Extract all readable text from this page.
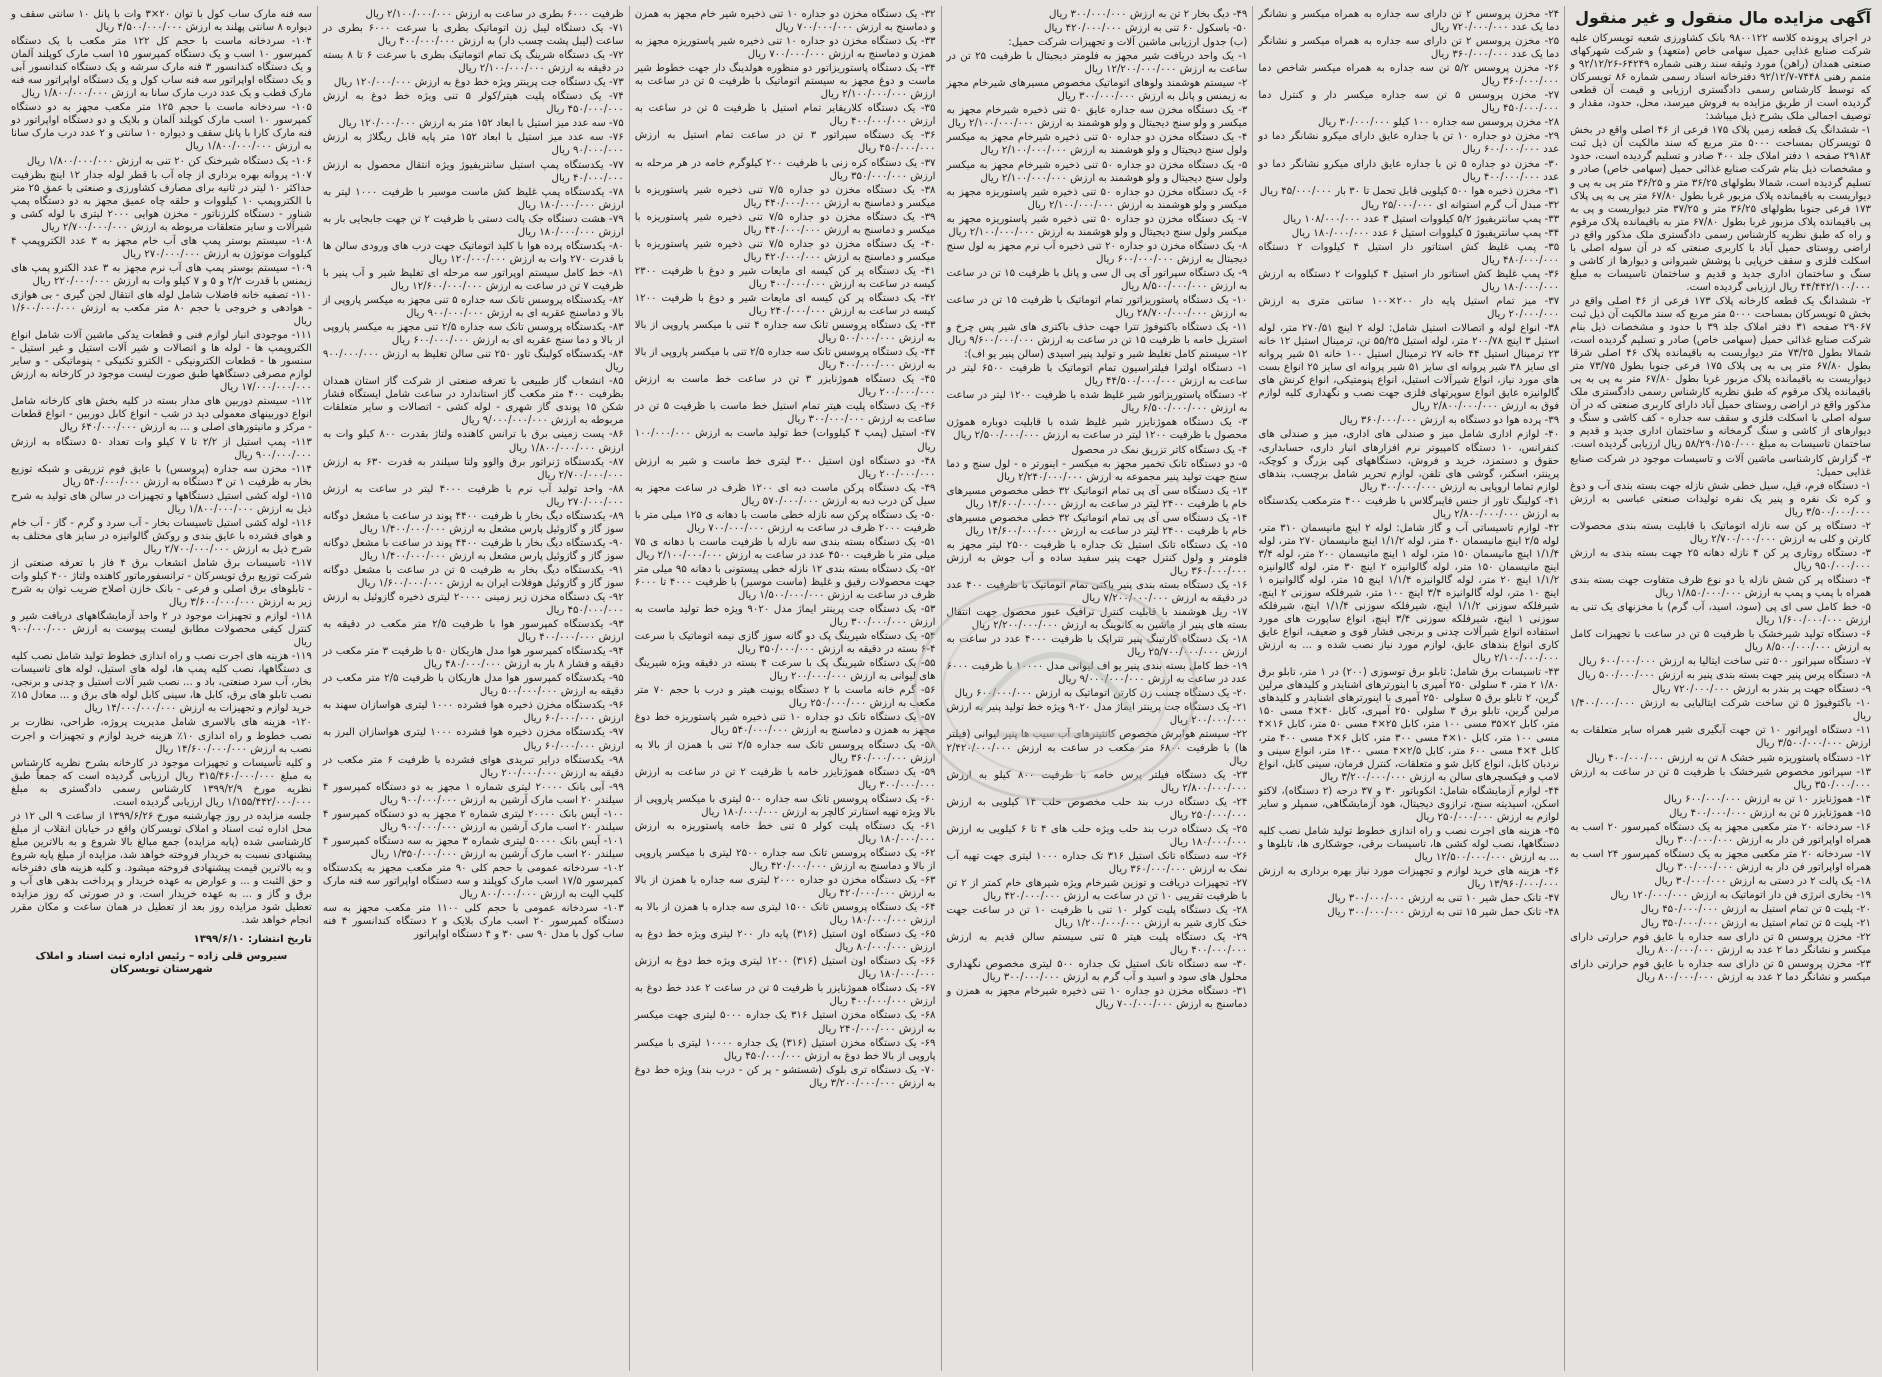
آگهی مزایده مال منقول و غیر منقول

در اجرای پرونده کلاسه ۹۸۰۰۱۲۲ بانک کشاورزی شعبه تویسرکان علیه شرکت صنایع غذایی حمیل سهامی خاص (متعهد) و شرکت شهرکهای صنعتی همدان (راهن) مورد وثیقه سند رهنی شماره ۶۴۲۴۹-۹۲/۱۲/۲۶ و متمم رهنی ۷۴۴۸-۹۲/۱۲/۷ دفترخانه اسناد رسمی شماره ۸۶ تویسرکان که توسط کارشناس رسمی دادگستری ارزیابی و قیمت آن قطعی گردیده است از طریق مزایده به فروش میرسد، محل، حدود، مقدار و توصیف اجمالی ملک بشرح ذیل میباشد:

۱- ششدانگ یک قطعه زمین پلاک ۱۷۵ فرعی از ۴۶ اصلی واقع در بخش ۵ تویسرکان بمساحت ۵۰۰۰ متر مربع که سند مالکیت آن ذیل ثبت ۲۹۱۸۴ صفحه ۱ دفتر املاک جلد ۴۰۰ صادر و تسلیم گردیده است، حدود و مشخصات ذیل بنام شرکت صنایع غذائی حمیل (سهامی خاص) صادر و تسلیم گردیده است، شمالا بطولهای ۳۶/۲۵ متر و ۳۶/۲۵ متر پی به پی و دیواریست به باقیمانده پلاک مزبور غربا بطول ۶۷/۸۰ متر پی به پی پلاک ۱۷۳ فرعی جنوبا بطولهای ۳۶/۲۵ متر و ۳۷/۲۵ متر دیواریست و پی به پی باقیمانده پلاک مزبور غربا بطول ۶۷/۸۰ متر به باقیمانده پلاک مرقوم و راه که طبق نظریه کارشناس رسمی دادگستری ملک مذکور واقع در اراضی روستای حمیل آباد با کاربری صنعتی که در آن سوله اصلی با اسکلت فلزی و سقف خرپایی با پوشش شیروانی و دیوارها از کاشی و سنگ و ساختمان اداری جدید و قدیم و ساختمان تاسیسات به مبلغ ۴۴/۴۴۲/۱۰۰/۰۰۰ ریال ارزیابی گردیده است.

۲- ششدانگ یک قطعه کارخانه پلاک ۱۷۳ فرعی از ۴۶ اصلی واقع در بخش ۵ تویسرکان بمساحت ۵۰۰۰ متر مربع که سند مالکیت آن ذیل ثبت ۲۹۰۶۷ صفحه ۳۱ دفتر املاک جلد ۳۹ با حدود و مشخصات ذیل بنام شرکت صنایع غذائی حمیل (سهامی خاص) صادر و تسلیم گردیده است، شمالا بطول ۷۳/۲۵ متر دیواریست به باقیمانده پلاک ۴۶ اصلی شرقا بطول ۶۷/۸۰ متر پی به پی پلاک ۱۷۵ فرعی جنوبا بطول ۷۳/۷۵ متر دیواریست به باقیمانده پلاک مزبور غربا بطول ۶۷/۸۰ متر به پی به پی باقیمانده پلاک مرقوم که طبق نظریه کارشناس رسمی دادگستری ملک مذکور واقع در اراضی روستای حمیل آباد دارای کاربری صنعتی که در آن سوله اصلی با اسکلت فلزی و سقف سه جداره - کف کاشی و سنگ و دیوارهای از کاشی و سنگ گرمخانه و ساختمان اداری جدید و قدیم و ساختمان تاسیسات به مبلغ ۵۸/۲۹۰/۱۵۰/۰۰۰ ریال ارزیابی گردیده است.

۳- گزارش کارشناسی ماشین آلات و تاسیسات موجود در شرکت صنایع غذایی حمیل:

۱- دستگاه فرم، قیل، سیل خطی شش نازله جهت بسته بندی آب و دوغ و کره تک نفره و پنیر یک نفره تولیدات صنعتی عباسی به ارزش ۳/۵۰۰/۰۰۰/۰۰۰ ریال

۲- دستگاه پر کن سه نازله اتوماتیک با قابلیت بسته بندی محصولات کارتن و کلی به ارزش ۲/۷۰۰/۰۰۰/۰۰۰ ریال

۳- دستگاه روتاری پر کن ۴ نازله دهانه ۲۵ جهت بسته بندی به ارزش ۹۵۰/۰۰۰/۰۰۰ ریال

۴- دستگاه پر کن شش نازله یا دو نوع ظرف متفاوت جهت بسته بندی همراه با پمپ و پمپ به ارزش ۱/۸۵۰/۰۰۰/۰۰۰ ریال

۵- خط کامل سی ای پی (سود، اسید، آب گرم) با مخزنهای یک تنی به ارزش ۱/۶۰۰/۰۰۰/۰۰۰ ریال

۶- دستگاه تولید شیرخشک با ظرفیت ۵ تن در ساعت با تجهیزات کامل به ارزش ۸/۵۰۰/۰۰۰/۰۰۰ ریال

۷- دستگاه سپراتور ۵۰۰ تنی ساخت ایتالیا به ارزش ۶۰۰/۰۰۰/۰۰۰ ریال

۸- دستگاه پرس پنیر جهت بسته بندی پنیر به ارزش ۵۰۰/۰۰۰/۰۰۰ ریال

۹- دستگاه جهت پر بندر به ارزش ۷۲۰/۰۰۰/۰۰۰ ریال

۱۰- باکتوفیوژ ۵ تن ساخت شرکت ایتالیایی به ارزش ۱/۴۰۰/۰۰۰/۰۰۰ ریال

۱۱- دستگاه اوپراتور ۱۰ تن جهت آبگیری شیر همراه سایر متعلقات به ارزش ۳/۵۰۰/۰۰۰/۰۰۰ ریال

۱۲- دستگاه پاستوریزه شیر خشک ۸ تن به ارزش ۴۰۰/۰۰۰/۰۰۰ ریال

۱۳- سپراتور مخصوص شیرخشک با ظرفیت ۵ تن در ساعت به ارزش ۳۵۰/۰۰۰/۰۰۰ ریال

۱۴- هموژنایزر ۱۰ تن به ارزش ۶۰۰/۰۰۰/۰۰۰ ریال

۱۵- هموژنایزر ۵ تن به ارزش ۴۰۰/۰۰۰/۰۰۰ ریال

۱۶- سردخانه ۲۰ متر مکعبی مجهز به یک دستگاه کمپرسور ۲۰ اسب به همراه اواپراتور فن دار به ارزش ۳۰۰/۰۰۰/۰۰۰ ریال

۱۷- سردخانه ۲۰ متر مکعبی مجهز به یک دستگاه کمپرسور ۲۴ اسب به همراه اواپراتور فن دار به ارزش ۳۰۰/۰۰۰/۰۰۰ ریال

۱۸- یک پالت ۲ در دستی به ارزش ۳۰/۰۰۰/۰۰۰ ریال

۱۹- بخاری انرژی فن دار اتوماتیک به ارزش ۱۲۰/۰۰۰/۰۰۰ ریال

۲۰- پلیت ۵ تن تمام استیل به ارزش ۴۵۰/۰۰۰/۰۰۰ ریال

۲۱- پلیت ۵ تن تمام استیل به ارزش ۳۵۰/۰۰۰/۰۰۰ ریال

۲۲- مخزن پروسس ۵ تن دارای سه جداره با عایق فوم حرارتی دارای میکسر و نشانگر دما ۲ عدد به ارزش ۸۰۰/۰۰۰/۰۰۰ ریال

۲۳- مخزن پروسس ۵ تن دارای سه جداره با عایق فوم حرارتی دارای میکسر و نشانگر دما ۲ عدد به ارزش ۸۰۰/۰۰۰/۰۰۰ ریال

۲۴- مخزن پروسس ۲ تن دارای سه جداره به همراه میکسر و نشانگر دما یک عدد ۷۲۰/۰۰۰/۰۰۰ ریال

۲۵- مخزن پروسس ۲ تن دارای سه جداره به همراه میکسر و نشانگر دما یک عدد ۳۶۰/۰۰۰/۰۰۰ ریال

۲۶- مخزن پروسس ۵/۲ تن سه جداره به همراه میکسر شاخص دما ۳۶۰/۰۰۰/۰۰۰ ریال

۲۷- مخزن پروسس ۵ تن سه جداره میکسر دار و کنترل دما ۴۵۰/۰۰۰/۰۰۰ ریال

۲۸- مخزن پروسس سه جداره ۱۰۰ کیلو ۳۰/۰۰۰/۰۰۰ ریال

۲۹- مخزن دو جداره ۱۰ تن با جداره عایق دارای میکرو نشانگر دما دو عدد ۶۰۰/۰۰۰/۰۰۰ ریال

۳۰- مخزن دو جداره ۵ تن با جداره عایق دارای میکرو نشانگر دما دو عدد ۴۰۰/۰۰۰/۰۰۰ ریال

۳۱- مخزن ذخیره هوا ۵۰۰ کیلویی قابل تحمل تا ۳۰ بار ۴۵/۰۰۰/۰۰۰ ریال

۳۲- مبدل آب گرم استوانه ای ۲۵/۰۰۰/۰۰۰ ریال

۳۳- پمپ سانتریفیوژ ۵/۲ کیلووات استیل ۳ عدد ۱۰۸/۰۰۰/۰۰۰ ریال

۳۴- پمپ سانتریفیوژ ۵ کیلووات استیل ۶ عدد ۱۸۰/۰۰۰/۰۰۰ ریال

۳۵- پمپ غلیظ کش استاتور دار استیل ۴ کیلووات ۲ دستگاه ۴۸۰/۰۰۰/۰۰۰ ریال

۳۶- پمپ غلیظ کش استاتور دار استیل ۴ کیلووات ۲ دستگاه به ارزش ۱۸۰/۰۰۰/۰۰۰ ریال

۳۷- میز تمام استیل پایه دار ۲۰۰×۱۰۰ سانتی متری به ارزش ۲۰/۰۰۰/۰۰۰ ریال

۳۸- انواع لوله و اتصالات استیل شامل: لوله ۲ اینچ ۲۷۰/۵۱ متر، لوله استیل ۳ اینچ ۲۰۰/۷۸ متر، لوله استیل ۵۵/۲۵ تن، ترمینال استیل ۱۲ خانه ۲۳ ترمینال استیل ۴۴ خانه ۲۷ ترمینال استیل ۱۰۰ خانه ۵۱ شیر پروانه ای سایز ۳۸ شیر پروانه ای سایز ۵۱ شیر پروانه ای سایز ۲۵ انواع بست های مورد نیاز، انواع شیرآلات استیل، انواع پنومتیکی، انواع کرنش های گالوانیزه عایق انواع سوپرتهای فلزی جهت نصب و نگهداری کلیه لوازم فوق به ارزش ۲/۸۰۰/۰۰۰/۰۰۰ ریال

۳۹- پرده هوا دو دستگاه به ارزش ۳۶۰/۰۰۰/۰۰۰ ریال

۴۰- لوازم اداری شامل میز و صندلی های اداری، میز و صندلی های کنفرانس، ۱۰ دستگاه کامپیوتر نرم افزارهای انبار داری، حسابداری، حقوق و دستمزد، خرید و فروش، دستگاههای کپی بزرگ و کوچک، پرینتر، اسکنر، گوشی های تلفن، لوازم تحریر شامل برچسب، بندهای لوازم تماما اروپایی به ارزش ۳۰۰/۰۰۰/۰۰۰ ریال

۴۱- کولینگ تاور از جنس فایبرگلاس با ظرفیت ۴۰۰ مترمکعب یکدستگاه به ارزش ۲/۸۰۰/۰۰۰/۰۰۰ ریال

۴۲- لوازم تاسیساتی آب و گاز شامل: لوله ۲ اینچ مانیسمان ۳۱۰ متر، لوله ۲/۵ اینچ مانیسمان ۴۰ متر، لوله ۱/۱/۲ اینچ مانیسمان ۲۷۰ متر، لوله ۱/۱/۴ اینچ مانیسمان ۱۵۰ متر، لوله ۱ اینچ مانیسمان ۲۰۰ متر، لوله ۳/۴ اینچ مانیسمان ۱۵۰ متر، لوله گالوانیزه ۲ اینچ ۳۰ متر، لوله گالوانیزه ۱/۱/۲ اینچ ۲۰ متر، لوله گالوانیزه ۱/۱/۴ اینچ ۱۵ متر، لوله گالوانیزه ۱ اینچ ۱۰ متر، لوله گالوانیزه ۳/۴ اینچ ۱۰۰ متر، شیرفلکه سوزنی ۲ اینچ، شیرفلکه سوزنی ۱/۱/۲ اینچ، شیرفلکه سوزنی ۱/۱/۴ اینچ، شیرفلکه سوزنی ۱ اینچ، شیرفلکه سوزنی ۳/۴ اینچ، انواع ساپورت های مورد استفاده انواع شیرآلات چدنی و برنجی فشار قوی و ضعیف، انواع عایق کاری انواع بندهای عایق، لوازم مورد نیاز نصب شده و ... به ارزش ۲/۱۰۰/۰۰۰/۰۰۰ ریال

۴۳- تاسیسات برق شامل: تابلو برق توسوزی (۲۰۰) در ۱ متر، تابلو برق ۱/۸۰ ۲ متر، ۴ سلولی ۲۵۰ آمپری با اینورترهای اشنایدر و کلیدهای مرلین گرین، ۲ تابلو برق ۵ سلولی ۲۵۰ آمپری با اینورترهای اشنایدر و کلیدهای مرلین گرین، تابلو برق ۳ سلولی ۲۵۰ آمپری، کابل ۴۰×۴ مسی ۱۵۰ متر، کابل ۲×۳۵ مسی ۱۰۰ متر، کابل ۲۵×۴ مسی ۵۰ متر، کابل ۱۶×۴ مسی ۱۰۰ متر، کابل ۱۰×۴ مسی ۳۰۰ متر، کابل ۶×۴ مسی ۴۰۰ متر، کابل ۴×۴ مسی ۶۰۰ متر، کابل ۲/۵×۴ مسی ۱۴۰۰ متر، انواع سینی و نردبان کابل، انواع کابل شو و متعلقات، کنترل فرمان، سینی کابل، انواع لامپ و فیکسچرهای سالن به ارزش ۳/۲۰۰/۰۰۰/۰۰۰ ریال

۴۴- لوازم آزمایشگاه شامل: انکوباتور ۳۰ و ۳۷ درجه (۲ دستگاه)، لاکتو اسکن، اسیدیته سنج، ترازوی دیجیتال، هود آزمایشگاهی، سمپلر و سایر لوازم به ارزش ۲۵۰/۰۰۰/۰۰۰ ریال

۴۵- هزینه های اجرت نصب و راه اندازی خطوط تولید شامل نصب کلیه دستگاهها، نصب لوله کشی ها، تاسیسات برقی، جوشکاری ها، تابلوها و ... به ارزش ۱۲/۵۰۰/۰۰۰/۰۰۰ ریال

۴۶- هزینه های خرید لوازم و تجهیزات مورد نیاز بهره برداری به ارزش ۱۳/۹۶۰/۰۰۰/۰۰۰ ریال

۴۷- تانک حمل شیر ۱۰ تنی به ارزش ۳۰۰/۰۰۰/۰۰۰ ریال

۴۸- تانک حمل شیر ۱۵ تنی به ارزش ۳۰۰/۰۰۰/۰۰۰ ریال

۴۹- دیگ بخار ۲ تن به ارزش ۳۰۰/۰۰۰/۰۰۰ ریال

۵۰- باسکول ۶۰ تنی به ارزش ۴۲۰/۰۰۰/۰۰۰ ریال

(ب) جدول ارزیابی ماشین آلات و تجهیزات شرکت حمیل:

۱- یک واحد دریافت شیر مجهز به فلومتر دیجیتال با ظرفیت ۲۵ تن در ساعت به ارزش ۱۲/۲۰۰/۰۰۰/۰۰۰ ریال

۲- سیستم هوشمند ولوهای اتوماتیک مخصوص مسیرهای شیرخام مجهز به زیمنس و پانل به ارزش ۳۰۰/۰۰۰/۰۰۰ ریال

۳- یک دستگاه مخزن سه جداره عایق ۵۰ تنی ذخیره شیرخام مجهز به میکسر و ولو سنج دیجیتال و ولو هوشمند به ارزش ۲/۱۰۰/۰۰۰/۰۰۰ ریال

۴- یک دستگاه مخزن دو جداره ۵۰ تنی ذخیره شیرخام مجهز به میکسر ولول سنج دیجیتال و ولو هوشمند به ارزش ۲/۱۰۰/۰۰۰/۰۰۰ ریال

۵- یک دستگاه مخزن دو جداره ۵۰ تنی ذخیره شیرخام مجهز به میکسر ولول سنج دیجیتال و ولو هوشمند به ارزش ۲/۱۰۰/۰۰۰/۰۰۰ ریال

۶- یک دستگاه مخزن دو جداره ۵۰ تنی ذخیره شیر پاستوریزه مجهز به میکسر و ولو هوشمند به ارزش ۲/۱۰۰/۰۰۰/۰۰۰ ریال

۷- یک دستگاه مخزن دو جداره ۵۰ تنی ذخیره شیر پاستوریزه مجهز به میکسر ولول سنج دیجیتال و ولو هوشمند به ارزش ۲/۱۰۰/۰۰۰/۰۰۰ ریال

۸- یک دستگاه مخزن دو جداره ۲۰ تنی ذخیره آب نرم مجهز به لول سنج دیجیتال به ارزش ۶۰۰/۰۰۰/۰۰۰ ریال

۹- یک دستگاه سپراتور آی پی ال سی و پانل با ظرفیت ۱۵ تن در ساعت به ارزش ۸/۵۰۰/۰۰۰/۰۰۰ ریال

۱۰- یک دستگاه پاستوریزاتور تمام اتوماتیک با ظرفیت ۱۵ تن در ساعت به ارزش ۲۸/۷۰۰/۰۰۰/۰۰۰ ریال

۱۱- یک دستگاه باکتوفوژ تترا جهت حذف باکتری های شیر پس چرخ و استریل خامه با ظرفیت ۱۵ تن در ساعت به ارزش ۹/۶۰۰/۰۰۰/۰۰۰ ریال

۱۲- سیستم کامل تغلیظ شیر و تولید پنیر اسیدی (سالن پنیر یو اف):

۱- دستگاه اولترا فیلتراسیون تمام اتوماتیک با ظرفیت ۶۵۰۰ لیتر در ساعت به ارزش ۴۴/۵۰۰/۰۰۰/۰۰۰ ریال

۲- دستگاه پاستوریزاتور شیر غلیظ شده با ظرفیت ۱۲۰۰ لیتر در ساعت به ارزش ۶/۵۰۰/۰۰۰/۰۰۰ ریال

۳- یک دستگاه هموژنایزر شیر غلیظ شده با قابلیت دوباره هموژن محصول با ظرفیت ۱۲۰۰ لیتر در ساعت به ارزش ۲/۵۰۰/۰۰۰/۰۰۰ ریال

۴- یک دستگاه کاتر تزریق نمک در محصول

۵- دو دستگاه تانک تخمیر مجهز به میکسر - اینورتر ه - لول سنج و دما سنج جهت تولید پنیر مجموعه به ارزش ۲/۲۴۰/۰۰۰/۰۰۰ ریال

۱۳- یک دستگاه سی آی پی تمام اتوماتیک ۳۲ خطی مخصوص مسیرهای خام با ظرفیت ۲۴۰۰ لیتر در ساعت به ارزش ۱۴/۶۰۰/۰۰۰/۰۰۰ ریال

۱۴- یک دستگاه سی آی پی تمام اتوماتیک ۳۲ خطی مخصوص مسیرهای خام با ظرفیت ۲۴۰۰ لیتر در ساعت به ارزش ۱۴/۶۰۰/۰۰۰/۰۰۰ ریال

۱۵- یک دستگاه تانک استیل تک جداره با ظرفیت ۲۵۰۰ لیتر مجهز به فلومتر و ولول کنترل جهت پنیر سفید ساده و آب جوش به ارزش ۳۶۰/۰۰۰/۰۰۰ ریال

۱۶- یک دستگاه بسته بندی پنیر پاکتی تمام اتوماتیک با ظرفیت ۴۰۰ عدد در دقیقه به ارزش ۷/۲۰۰/۰۰۰/۰۰۰ ریال

۱۷- ریل هوشمند با قابلیت کنترل ترافیک عبور محصول جهت انتقال بسته های پنیر از ماشین به کانوینگ به ارزش ۲/۲۰۰/۰۰۰/۰۰۰ ریال

۱۸- یک دستگاه کارتینگ پنیر تتراپک با ظرفیت ۴۰۰۰ عدد در ساعت به ارزش ۲۵/۷۰۰/۰۰۰/۰۰۰ ریال

۱۹- خط کامل بسته بندی پنیر یو اف لیوانی مدل ۱۰۰۰۰ با ظرفیت ۶۰۰۰ عدد در ساعت به ارزش ۹/۰۰۰/۰۰۰/۰۰۰ ریال

۲۰- یک دستگاه چسب زن کارتن اتوماتیک به ارزش ۶۰۰/۰۰۰/۰۰۰ ریال

۲۱- یک دستگاه جت پرینتر ایماژ مدل ۹۰۲۰ ویژه خط تولید پنیر به ارزش ۲۰۰/۰۰۰/۰۰۰ ریال

۲۲- سیستم هوابرش مخصوص کانتینرهای آب سیب ها پنیر لیوانی (فیلتر ها) با ظرفیت ۶۸۰۰ متر مکعب در ساعت به ارزش ۲/۴۲۰/۰۰۰/۰۰۰ ریال

۲۳- یک دستگاه فیلتر پرس خامه با ظرفیت ۸۰۰ کیلو به ارزش ۲/۸۰۰/۰۰۰/۰۰۰ ریال

۲۴- یک دستگاه درب بند حلب مخصوص حلب ۱۴ کیلویی به ارزش ۲۵۰/۰۰۰/۰۰۰ ریال

۲۵- یک دستگاه درب بند حلب ویژه حلب های ۴ تا ۶ کیلویی به ارزش ۱۸۰/۰۰۰/۰۰۰ ریال

۲۶- سه دستگاه تانک استیل ۳۱۶ تک جداره ۱۰۰۰ لیتری جهت تهیه آب نمک به ارزش ۳۶۰/۰۰۰/۰۰۰ ریال

۲۷- تجهیزات دریافت و توزین شیرخام ویژه شیرهای خام کمتر از ۲ تن با ظرفیت تقریبی ۱۰ تن در ساعت به ارزش ۴۲۰/۰۰۰/۰۰۰ ریال

۲۸- یک دستگاه پلیت کولر ۱۰ تنی با ظرفیت ۱۰ تن در ساعت جهت خنک کاری شیر به ارزش ۱/۲۰۰/۰۰۰/۰۰۰ ریال

۲۹- یک دستگاه پلیت هیتر ۵ تنی سیستم سالن قدیم به ارزش ۴۰۰/۰۰۰/۰۰۰ ریال

۳۰- سه دستگاه تانک استیل تک جداره ۵۰۰ لیتری مخصوص نگهداری محلول های سود و اسید و آب گرم به ارزش ۳۰۰/۰۰۰/۰۰۰ ریال

۳۱- دستگاه مخزن دو جداره ۱۰ تنی ذخیره شیرخام مجهز به همزن و دماسنج به ارزش ۷۰۰/۰۰۰/۰۰۰ ریال

۳۲- یک دستگاه مخزن دو جداره ۱۰ تنی ذخیره شیر خام مجهز به همزن و دماسنج به ارزش ۷۰۰/۰۰۰/۰۰۰ ریال

۳۳- یک دستگاه مخزن دو جداره ۱۰ تنی ذخیره شیر پاستوریزه مجهز به همزن و دماسنج به ارزش ۷۰۰/۰۰۰/۰۰۰ ریال

۳۴- یک دستگاه پاستوریزاتور دو منظوره هولدینگ دار جهت خطوط شیر ماست و دوغ مجهز به سیستم اتوماتیک با ظرفیت ۵ تن در ساعت به ارزش ۲/۱۰۰/۰۰۰/۰۰۰ ریال

۳۵- یک دستگاه کلاریفایر تمام استیل با ظرفیت ۵ تن در ساعت به ارزش ۴۰۰/۰۰۰/۰۰۰ ریال

۳۶- یک دستگاه سپراتور ۳ تن در ساعت تمام استیل به ارزش ۴۵۰/۰۰۰/۰۰۰ ریال

۳۷- یک دستگاه کره زنی با ظرفیت ۲۰۰ کیلوگرم خامه در هر مرحله به ارزش ۳۵۰/۰۰۰/۰۰۰ ریال

۳۸- یک دستگاه مخزن دو جداره ۷/۵ تنی ذخیره شیر پاستوریزه با میکسر و دماسنج به ارزش ۴۴۰/۰۰۰/۰۰۰ ریال

۳۹- یک دستگاه مخزن دو جداره ۷/۵ تنی ذخیره شیر پاستوریزه با میکسر و دماسنج به ارزش ۴۴۰/۰۰۰/۰۰۰ ریال

۴۰- یک دستگاه مخزن دو جداره ۷/۵ تنی ذخیره شیر پاستوریزه با میکسر و دماسنج به ارزش ۴۲۰/۰۰۰/۰۰۰ ریال

۴۱- یک دستگاه پر کن کیسه ای مایعات شیر و دوغ با ظرفیت ۲۳۰۰ کیسه در ساعت به ارزش ۴۰۰/۰۰۰/۰۰۰ ریال

۴۲- یک دستگاه پر کن کیسه ای مایعات شیر و دوغ با ظرفیت ۱۲۰۰ کیسه در ساعت به ارزش ۲۴۰/۰۰۰/۰۰۰ ریال

۴۳- یک دستگاه پروسس تانک سه جداره ۴ تنی با میکسر پاروپی از بالا به ارزش ۵۰۰/۰۰۰/۰۰۰ ریال

۴۴- یک دستگاه پروسس تانک سه جداره ۲/۵ تنی با میکسر پاروپی از بالا به ارزش ۴۰۰/۰۰۰/۰۰۰ ریال

۴۵- یک دستگاه هموژنایزر ۳ تن در ساعت خط ماست به ارزش ۲۰۰/۰۰۰/۰۰۰ ریال

۴۶- یک دستگاه پلیت هیتر تمام استیل خط ماست با ظرفیت ۵ تن در ساعت به ارزش ۳۰۰/۰۰۰/۰۰۰ ریال

۴۷- استیل (پمپ ۴ کیلووات) خط تولید ماست به ارزش ۱۰۰/۰۰۰/۰۰۰ ریال

۴۸- دو دستگاه اون استیل ۳۰۰ لیتری خط ماست و شیر به ارزش ۲۰۰/۰۰۰/۰۰۰ ریال

۴۹- یک دستگاه پرکن ماست دبه ای ۱۲۰۰ ظرف در ساعت مجهز به سیل کن درب دبه به ارزش ۵۷۰/۰۰۰/۰۰۰ ریال

۵۰- یک دستگاه پرکن سه نازله خطی ماست با دهانه ی ۱۲۵ میلی متر با ظرفیت ۲۰۰۰ ظرف در ساعت به ارزش ۷۰۰/۰۰۰/۰۰۰ ریال

۵۱- یک دستگاه بسته بندی سه نازله با ظرفیت ماست با دهانه ی ۷۵ میلی متر با ظرفیت ۴۵۰۰ عدد در ساعت به ارزش ۲/۱۰۰/۰۰۰/۰۰۰ ریال

۵۲- یک دستگاه بسته بندی ۱۲ نازله خطی پیستونی با دهانه ۹۵ میلی متر جهت محصولات رقیق و غلیظ (ماست موسیر) با ظرفیت ۴۰۰۰ تا ۶۰۰۰ ظرف در ساعت به ارزش ۱/۵۰۰/۰۰۰/۰۰۰ ریال

۵۳- یک دستگاه جت پرینتر ایماژ مدل ۹۰۲۰ ویژه خط تولید ماست به ارزش ۳۰۰/۰۰۰/۰۰۰ ریال

۵۴- یک دستگاه شیرینگ پک دو گانه سوز گازی نیمه اتوماتیک با سرعت ۴-۶ بسته در دقیقه به ارزش ۳۵۰/۰۰۰/۰۰۰ ریال

۵۵- یک دستگاه شیرینگ پک با سرعت ۴ بسته در دقیقه ویژه شیرینگ های لیوانی به ارزش ۲۰۰/۰۰۰/۰۰۰ ریال

۵۶- گرم خانه ماست با ۲ دستگاه یونیت هیتر و درب با حجم ۷۰ متر مکعب به ارزش ۲۵۰/۰۰۰/۰۰۰ ریال

۵۷- یک دستگاه تانک دو جداره ۱۰ تنی ذخیره شیر پاستوریزه خط دوغ مجهز به همزن و دماسنج به ارزش ۵۴۰/۰۰۰/۰۰۰ ریال

۵۸- یک دستگاه پروسس تانک سه جداره ۲/۵ تنی با همزن از بالا به ارزش ۳۶۰/۰۰۰/۰۰۰ ریال

۵۹- یک دستگاه هموژنایزر خامه با ظرفیت ۲ تن در ساعت به ارزش ۳۰۰/۰۰۰/۰۰۰ ریال

۶۰- یک دستگاه پروسس تانک سه جداره ۵۰۰ لیتری با میکسر پاروپی از بالا ویژه تهیه استارتر کالچر به ارزش ۱۸۰/۰۰۰/۰۰۰ ریال

۶۱- یک دستگاه پلیت کولر ۵ تنی خط خامه پاستوریزه به ارزش ۱۸۰/۰۰۰/۰۰۰ ریال

۶۲- یک دستگاه پروسس تانک سه جداره ۲۵۰۰ لیتری با میکسر پاروپی از بالا و دماسنج به ارزش ۴۲۰/۰۰۰/۰۰۰ ریال

۶۳- یک دستگاه مخزن دو جداره ۲۰۰۰ لیتری سه جداره با همزن از بالا به ارزش ۴۲۰/۰۰۰/۰۰۰ ریال

۶۴- یک دستگاه پروسس تانک ۱۵۰۰ لیتری سه جداره با همزن از بالا به ارزش ۱۸۰/۰۰۰/۰۰۰ ریال

۶۵- یک دستگاه اون استیل (۳۱۶) پایه دار ۲۰۰ لیتری ویژه خط دوغ به ارزش ۸۰/۰۰۰/۰۰۰ ریال

۶۶- یک دستگاه اون استیل (۳۱۶) ۱۲۰۰ لیتری ویژه خط دوغ به ارزش ۱۸۰/۰۰۰/۰۰۰ ریال

۶۷- یک دستگاه هموژنایزر با ظرفیت ۵ تن در ساعت ۲ عدد خط دوغ به ارزش ۴۰۰/۰۰۰/۰۰۰ ریال

۶۸- یک دستگاه مخزن استیل ۳۱۶ یک جداره ۵۰۰۰ لیتری جهت میکسر به ارزش ۲۴۰/۰۰۰/۰۰۰ ریال

۶۹- یک دستگاه مخزن استیل (۳۱۶) یک جداره ۱۰۰۰۰ لیتری با میکسر پاروپی از بالا خط دوغ به ارزش ۴۵۰/۰۰۰/۰۰۰ ریال

۷۰- یک دستگاه تری بلوک (شستشو - پر کن - درب بند) ویژه خط دوغ به ارزش ۳/۲۰۰/۰۰۰/۰۰۰ ریال

ظرفیت ۶۰۰۰ بطری در ساعت به ارزش ۲/۱۰۰/۰۰۰/۰۰۰ ریال

۷۱- یک دستگاه لیبل زن اتوماتیک بطری با سرعت ۶۰۰۰ بطری در ساعت (لیبل پشت چسب دار) به ارزش ۴۰۰/۰۰۰/۰۰۰ ریال

۷۲- یک دستگاه شرینگ پک تمام اتوماتیک بطری با سرعت ۶ تا ۸ بسته در دقیقه به ارزش ۲/۱۰۰/۰۰۰/۰۰۰ ریال

۷۳- یک دستگاه جت پرینتر ویژه خط دوغ به ارزش ۱۲۰/۰۰۰/۰۰۰ ریال

۷۴- یک دستگاه پلیت هیتر/کولر ۵ تنی ویژه خط دوغ به ارزش ۴۵۰/۰۰۰/۰۰۰ ریال

۷۵- سه عدد میز استیل با ابعاد ۱۵۲ متر به ارزش ۱۲۰/۰۰۰/۰۰۰ ریال

۷۶- سه عدد میز استیل با ابعاد ۱۵۲ متر پایه قابل ریگلاژ به ارزش ۹۰/۰۰۰/۰۰۰ ریال

۷۷- یکدستگاه پمپ استیل سانتریفیوژ ویژه انتقال محصول به ارزش ۴۰/۰۰۰/۰۰۰ ریال

۷۸- یکدستگاه پمپ غلیظ کش ماست موسیر با ظرفیت ۱۰۰۰ لیتر به ارزش ۱۸۰/۰۰۰/۰۰۰ ریال

۷۹- هشت دستگاه جک پالت دستی با ظرفیت ۲ تن جهت جابجایی بار به ارزش ۱۸۰/۰۰۰/۰۰۰ ریال

۸۰- یکدستگاه پرده هوا با کلید اتوماتیک جهت درب های ورودی سالن ها با قدرت ۲۷۰ وات به ارزش ۱۲۰/۰۰۰/۰۰۰ ریال

۸۱- خط کامل سیستم اوپراتور سه مرحله ای تغلیظ شیر و آب پنیر با ظرفیت ۷ تن در ساعت به ارزش ۱۲/۶۰۰/۰۰۰/۰۰۰ ریال

۸۲- یکدستگاه پروسس تانک سه جداره ۵ تنی مجهز به میکسر پاروپی از بالا و دماسنج عقربه ای به ارزش ۹۰۰/۰۰۰/۰۰۰ ریال

۸۳- یکدستگاه پروسس تانک سه جداره ۲/۵ تنی مجهز به میکسر پاروپی از بالا و دما سنج عقربه ای به ارزش ۶۰۰/۰۰۰/۰۰۰ ریال

۸۴- یکدستگاه کولینگ تاور ۲۵۰ تنی سالن تغلیظ به ارزش ۹۰۰/۰۰۰/۰۰۰ ریال

۸۵- انشعاب گاز طبیعی با تعرفه صنعتی از شرکت گاز استان همدان بظرفیت ۴۰۰ متر مکعب گاز استاندارد در ساعت شامل ایستگاه فشار شکن ۱۵ پوندی گاز شهری - لوله کشی - اتصالات و سایر متعلقات مربوطه به ارزش ۹/۰۰۰/۰۰۰/۰۰۰ ریال

۸۶- پست زمینی برق با ترانس کاهنده ولتاژ بقدرت ۸۰۰ کیلو وات به ارزش ۱/۸۰۰/۰۰۰/۰۰۰ ریال

۸۷- یکدستگاه ژنراتور برق والوو ولتا سیلندر به قدرت ۶۳۰ به ارزش ۲/۷۰۰/۰۰۰/۰۰۰ ریال

۸۸- واحد تولید آب نرم با ظرفیت ۴۰۰۰ لیتر در ساعت به ارزش ۲۷۰/۰۰۰/۰۰۰ ریال

۸۹- یکدستگاه دیگ بخار با ظرفیت ۴۴۰۰ پوند در ساعت با مشعل دوگانه سوز گاز و گازوئیل پارس مشعل به ارزش ۱/۴۰۰/۰۰۰/۰۰۰ ریال

۹۰- یکدستگاه دیگ بخار با ظرفیت ۴۴۰۰ پوند در ساعت با مشعل دوگانه سوز گاز و گازوئیل پارس مشعل به ارزش ۱/۴۰۰/۰۰۰/۰۰۰ ریال

۹۱- یکدستگاه دیگ بخار به ظرفیت ۵ تن در ساعت با مشعل دوگانه سوز گاز و گازوئیل هوفلات ایران به ارزش ۱/۶۰۰/۰۰۰/۰۰۰ ریال

۹۲- یک دستگاه مخزن زیر زمینی ۲۰۰۰۰ لیتری ذخیره گازوئیل به ارزش ۴۵۰/۰۰۰/۰۰۰ ریال

۹۳- یکدستگاه کمپرسور هوا با ظرفیت ۲/۵ متر مکعب در دقیقه به ارزش ۴۰۰/۰۰۰/۰۰۰ ریال

۹۴- یکدستگاه کمپرسور هوا مدل هاریکان ۵۰ با ظرفیت ۳ متر مکعب در دقیقه و فشار ۸ بار به ارزش ۴۸۰/۰۰۰/۰۰۰ ریال

۹۵- یکدستگاه کمپرسور هوا مدل هاریکان با ظرفیت ۲/۵ متر مکعب در دقیقه به ارزش ۵۰۰/۰۰۰/۰۰۰ ریال

۹۶- یکدستگاه مخزن ذخیره هوا فشرده ۱۰۰۰ لیتری هواسازان سهند به ارزش ۶۰/۰۰۰/۰۰۰ ریال

۹۷- یکدستگاه مخزن ذخیره هوا فشرده ۱۰۰۰ لیتری هواسازان البرز به ارزش ۶۰/۰۰۰/۰۰۰ ریال

۹۸- یکدستگاه درایر تبریدی هوای فشرده با ظرفیت ۶ متر مکعب در دقیقه به ارزش ۲۰۰/۰۰۰/۰۰۰ ریال

۹۹- آبی بانک ۲۰۰۰۰ لیتری شماره ۱ مجهز به دو دستگاه کمپرسور ۴ سیلندر ۲۰ اسب مارک آرشین به ارزش ۹۰۰/۰۰۰/۰۰۰ ریال

۱۰۰- آیس بانک ۲۰۰۰۰ لیتری شماره ۲ مجهز به دو دستگاه کمپرسور ۴ سیلندر ۲۰ اسب مارک آرشین به ارزش ۹۰۰/۰۰۰/۰۰۰ ریال

۱۰۱- آیس بانک ۵۰۰۰۰ لیتری شماره ۳ مجهز به سه دستگاه کمپرسور ۴ سیلندر ۲۰ اسب مارک آرشین به ارزش ۱/۳۵۰/۰۰۰/۰۰۰ ریال

۱۰۲- سردخانه عمومی با حجم کلی ۹۰ متر مکعب مجهز به یکدستگاه کمپرسور ۱۷/۵ اسب مارک کوپلند و سه دستگاه اواپراتور سه فنه مارک کلیپ الیت به ارزش ۸۰۰/۰۰۰/۰۰۰ ریال

۱۰۳- سردخانه عمومی با حجم کلی ۱۱۰۰ متر مکعب مجهز به سه دستگاه کمپرسور ۲۰ اسب مارک بلایک و ۲ دستگاه کندانسور ۴ فنه ساب کول با مدل ۹۰ سی ۳۰ و ۴ دستگاه اواپراتور

سه فنه مارک ساب کول با توان ۲۰×۳ وات با پانل ۱۰ سانتی سقف و دیواره ۸ سانتی پهلند به ارزش ۴/۵۰۰/۰۰۰/۰۰۰ ریال

۱۰۴- سردخانه ماست با حجم کل ۱۲۲ متر مکعب با یک دستگاه کمپرسور ۱۰ اسب و یک دستگاه کمپرسور ۱۵ اسب مارک کوپلند آلمان و یک دستگاه کندانسور ۳ فنه مارک سرشه و یک دستگاه کندانسور آبی و یک دستگاه اواپراتور سه فنه ساب کول و یک دستگاه اواپراتور سه فنه مارک قطب و یک عدد درب مارک سانا به ارزش ۱/۸۰۰/۰۰۰/۰۰۰ ریال

۱۰۵- سردخانه ماست با حجم ۱۲۵ متر مکعب مجهز به دو دستگاه کمپرسور ۱۰ اسب مارک کوپلند آلمان و بلایک و دو دستگاه اواپراتور دو فنه مارک کارا با پانل سقف و دیواره ۱۰ سانتی و ۲ عدد درب مارک سانا به ارزش ۱/۸۰۰/۰۰۰/۰۰۰ ریال

۱۰۶- یک دستگاه شیرخنک کن ۲۰ تنی به ارزش ۱/۸۰۰/۰۰۰/۰۰۰ ریال

۱۰۷- پروانه بهره برداری از چاه آب با قطر لوله جدار ۱۲ اینچ بظرفیت حداکثر ۱۰ لیتر در ثانیه برای مصارف کشاورزی و صنعتی با عمق ۲۵ متر با الکتروپمپ ۱۰ کیلووات و حلقه چاه عمیق مجهز به دو دستگاه پمپ شناور - دستگاه کلرزناتور - مخزن هوایی ۲۰۰۰ لیتری با لوله کشی و شیرآلات و سایر متعلقات مربوطه به ارزش ۲/۷۰۰/۰۰۰/۰۰۰ ریال

۱۰۸- سیستم بوستر پمپ های آب خام مجهز به ۳ عدد الکتروپمپ ۴ کیلووات موتوژن به ارزش ۲۷۰/۰۰۰/۰۰۰ ریال

۱۰۹- سیستم بوستر پمپ های آب نرم مجهز به ۳ عدد الکترو پمپ های زیمنس با قدرت ۲/۲ و ۵ و ۷ کیلو وات به ارزش ۲۲۰/۰۰۰/۰۰۰ ریال

۱۱۰- تصفیه خانه فاضلاب شامل لوله های انتقال لجن گیری - بی هوازی - هوادهی و خروجی با حجم ۸۰ متر مکعب به ارزش ۱/۶۰۰/۰۰۰/۰۰۰ ریال

۱۱۱- موجودی انبار لوازم فنی و قطعات یدکی ماشین آلات شامل انواع الکتروپمپ ها - لوله ها و اتصالات و شیر آلات استیل و غیر استیل - سنسور ها - قطعات الکترونیکی - الکترو تکنیکی - پنوماتیکی - و سایر لوازم مصرفی دستگاهها طبق صورت لیست موجود در کارخانه به ارزش ۱۷/۰۰۰/۰۰۰/۰۰۰ ریال

۱۱۲- سیستم دوربین های مدار بسته در کلیه بخش های کارخانه شامل انواع دوربینهای معمولی دید در شب - انواع کابل دوربین - انواع قطعات - مرکز و مانیتورهای اصلی و ... به ارزش ۶۴۰/۰۰۰/۰۰۰ ریال

۱۱۳- پمپ استیل از ۲/۲ تا ۷ کیلو وات تعداد ۵۰ دستگاه به ارزش ۹۰۰/۰۰۰/۰۰۰ ریال

۱۱۴- مخزن سه جداره (پروسس) با عایق فوم تزریقی و شبکه توزیع بخار به ظرفیت ۱ تن ۳ دستگاه به ارزش ۵۴۰/۰۰۰/۰۰۰ ریال

۱۱۵- لوله کشی استیل دستگاهها و تجهیزات در سالن های تولید به شرح ذیل به ارزش ۱/۸۰۰/۰۰۰/۰۰۰ ریال

۱۱۶- لوله کشی استیل تاسیسات بخار - آب سرد و گرم - گاز - آب خام و هوای فشرده با عایق بندی و روکش گالوانیزه در سایز های مختلف به شرح ذیل به ارزش ۲/۷۰۰/۰۰۰/۰۰۰ ریال

۱۱۷- تاسیسات برق شامل انشعاب برق ۴ فاز با تعرفه صنعتی از شرکت توزیع برق تویسرکان - ترانسفورماتور کاهنده ولتاژ ۴۰۰ کیلو وات - تابلوهای برق اصلی و فرعی - بانک خازن اصلاح ضریب توان به شرح زیر به ارزش ۳/۶۰۰/۰۰۰/۰۰۰ ریال

۱۱۸- لوازم و تجهیزات موجود در ۲ واحد آزمایشگاههای دریافت شیر و کنترل کیفی محصولات مطابق لیست پیوست به ارزش ۹۰۰/۰۰۰/۰۰۰ ریال

۱۱۹- هزینه های اجرت نصب و راه اندازی خطوط تولید شامل نصب کلیه ی دستگاهها، نصب کلیه پمپ ها، لوله های استیل، لوله های تاسیسات بخار، آب سرد صنعتی، باد و ... نصب شیر آلات استیل و چدنی و برنجی، نصب تابلو های برق، کابل ها، سینی کابل لوله های برق و ... معادل ۱۵٪ خرید لوازم و تجهیزات به ارزش ۱۴/۰۰۰/۰۰۰/۰۰۰ ریال

۱۲۰- هزینه های بالاسری شامل مدیریت پروژه، طراحی، نظارت بر نصب خطوط و راه اندازی ۱۰٪ هزینه خرید لوازم و تجهیزات و اجرت نصب به ارزش ۱۴/۶۰۰/۰۰۰/۰۰۰ ریال

و کلیه تأسیسات و تجهیزات موجود در کارخانه بشرح نظریه کارشناس به مبلغ ۳۱۵/۴۶۰/۰۰۰/۰۰۰ ریال ارزیابی گردیده است که جمعاً طبق نظریه مورخ ۱۳۹۹/۲/۹ کارشناس رسمی دادگستری به مبلغ ۱/۱۵۵/۴۴۲/۰۰۰/۰۰۰ ریال ارزیابی گردیده است.

جلسه مزایده در روز چهارشنبه مورخ ۱۳۹۹/۶/۲۶ از ساعت ۹ الی ۱۲ در محل اداره ثبت اسناد و املاک تویسرکان واقع در خیابان انقلاب از مبلغ کارشناسی شده (پایه مزایده) جمع مبالغ بالا شروع و به بالاترین مبلغ پیشنهادی نسبت به خریدار فروخته خواهد شد، مزایده از مبلغ پایه شروع و به بالاترین قیمت پیشنهادی فروخته میشود. و کلیه هزینه های دفترخانه و حق الثبت و ... و عوارض به عهده خریدار و پرداخت بدهی های آب و برق و گاز و ... به عهده خریدار است. و در صورتی که روز مزایده تعطیل شود مزایده روز بعد از تعطیل در همان ساعت و مکان مقرر انجام خواهد شد.

تاریخ انتشار: ۱۳۹۹/۶/۱۰
سیروس قلی زاده – رئیس اداره ثبت اسناد و املاک شهرستان تویسرکان
